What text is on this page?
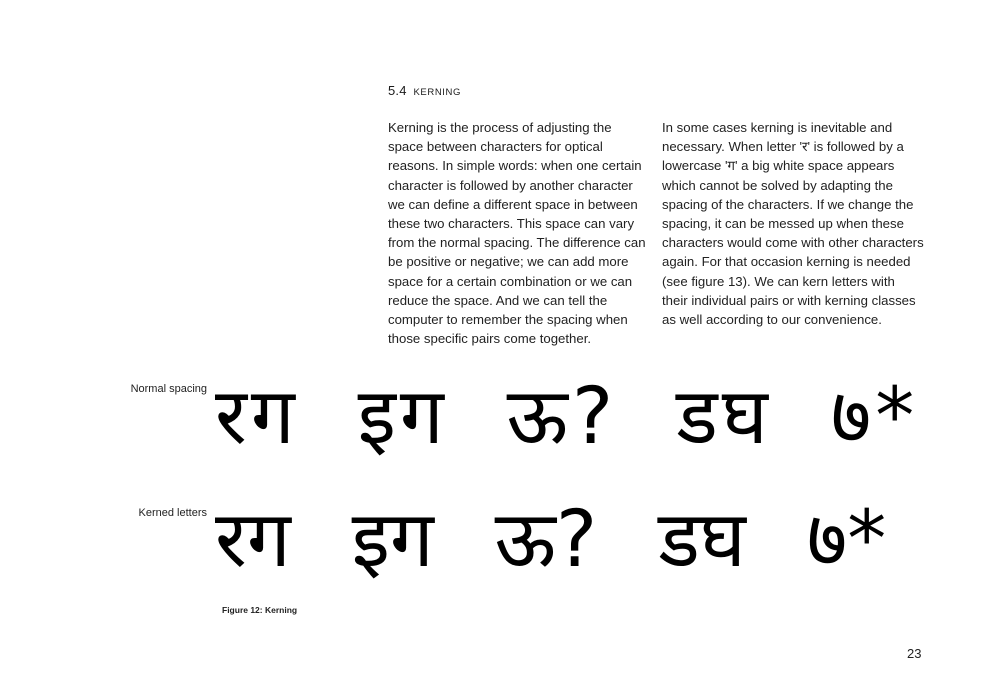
5.4 KERNING
Kerning is the process of adjusting the space between characters for optical reasons. In simple words: when one certain character is followed by another character we can define a different space in between these two characters. This space can vary from the normal spacing. The difference can be positive or negative; we can add more space for a certain combination or we can reduce the space. And we can tell the computer to remember the spacing when those specific pairs come together.
In some cases kerning is inevitable and necessary. When letter 'र' is followed by a lowercase 'ग' a big white space appears which cannot be solved by adapting the spacing of the characters. If we change the spacing, it can be messed up when these characters would come with other characters again. For that occasion kerning is needed (see figure 13). We can kern letters with their individual pairs or with kerning classes as well according to our convenience.
Normal spacing रग इग ऊ? डघ ७*
Kerned letters रग इग ऊ? डघ ७*
Figure 12: Kerning
23
